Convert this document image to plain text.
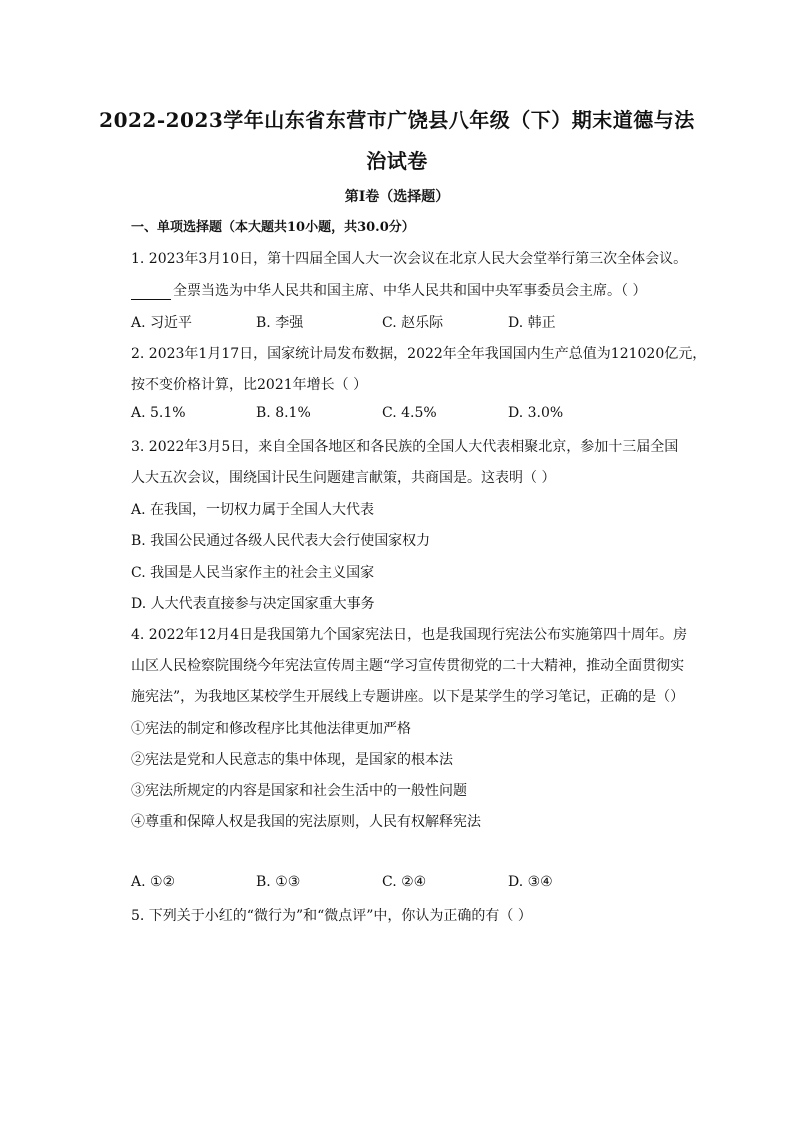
2022-2023学年山东省东营市广饶县八年级（下）期末道德与法
治试卷
第I卷（选择题）
一、单项选择题（本大题共10小题，共30.0分）
1. 2023年3月10日，第十四届全国人大一次会议在北京人民大会堂举行第三次全体会议。
全票当选为中华人民共和国主席、中华人民共和国中央军事委员会主席。（ ）
A. 习近平	B. 李强	C. 赵乐际	D. 韩正
2. 2023年1月17日，国家统计局发布数据，2022年全年我国国内生产总值为121020亿元，
按不变价格计算，比2021年增长（ ）
A. 5.1%	B. 8.1%	C. 4.5%	D. 3.0%
3. 2022年3月5日，来自全国各地区和各民族的全国人大代表相聚北京，参加十三届全国
人大五次会议，围绕国计民生问题建言献策，共商国是。这表明（ ）
A. 在我国，一切权力属于全国人大代表
B. 我国公民通过各级人民代表大会行使国家权力
C. 我国是人民当家作主的社会主义国家
D. 人大代表直接参与决定国家重大事务
4. 2022年12月4日是我国第九个国家宪法日，也是我国现行宪法公布实施第四十周年。房
山区人民检察院围绕今年宪法宣传周主题“学习宣传贯彻党的二十大精神，推动全面贯彻实
施宪法”，为我地区某校学生开展线上专题讲座。以下是某学生的学习笔记，正确的是（）
①宪法的制定和修改程序比其他法律更加严格
②宪法是党和人民意志的集中体现，是国家的根本法
③宪法所规定的内容是国家和社会生活中的一般性问题
④尊重和保障人权是我国的宪法原则，人民有权解释宪法
A. ①②	B. ①③	C. ②④	D. ③④
5. 下列关于小红的“微行为”和“微点评”中，你认为正确的有（ ）
